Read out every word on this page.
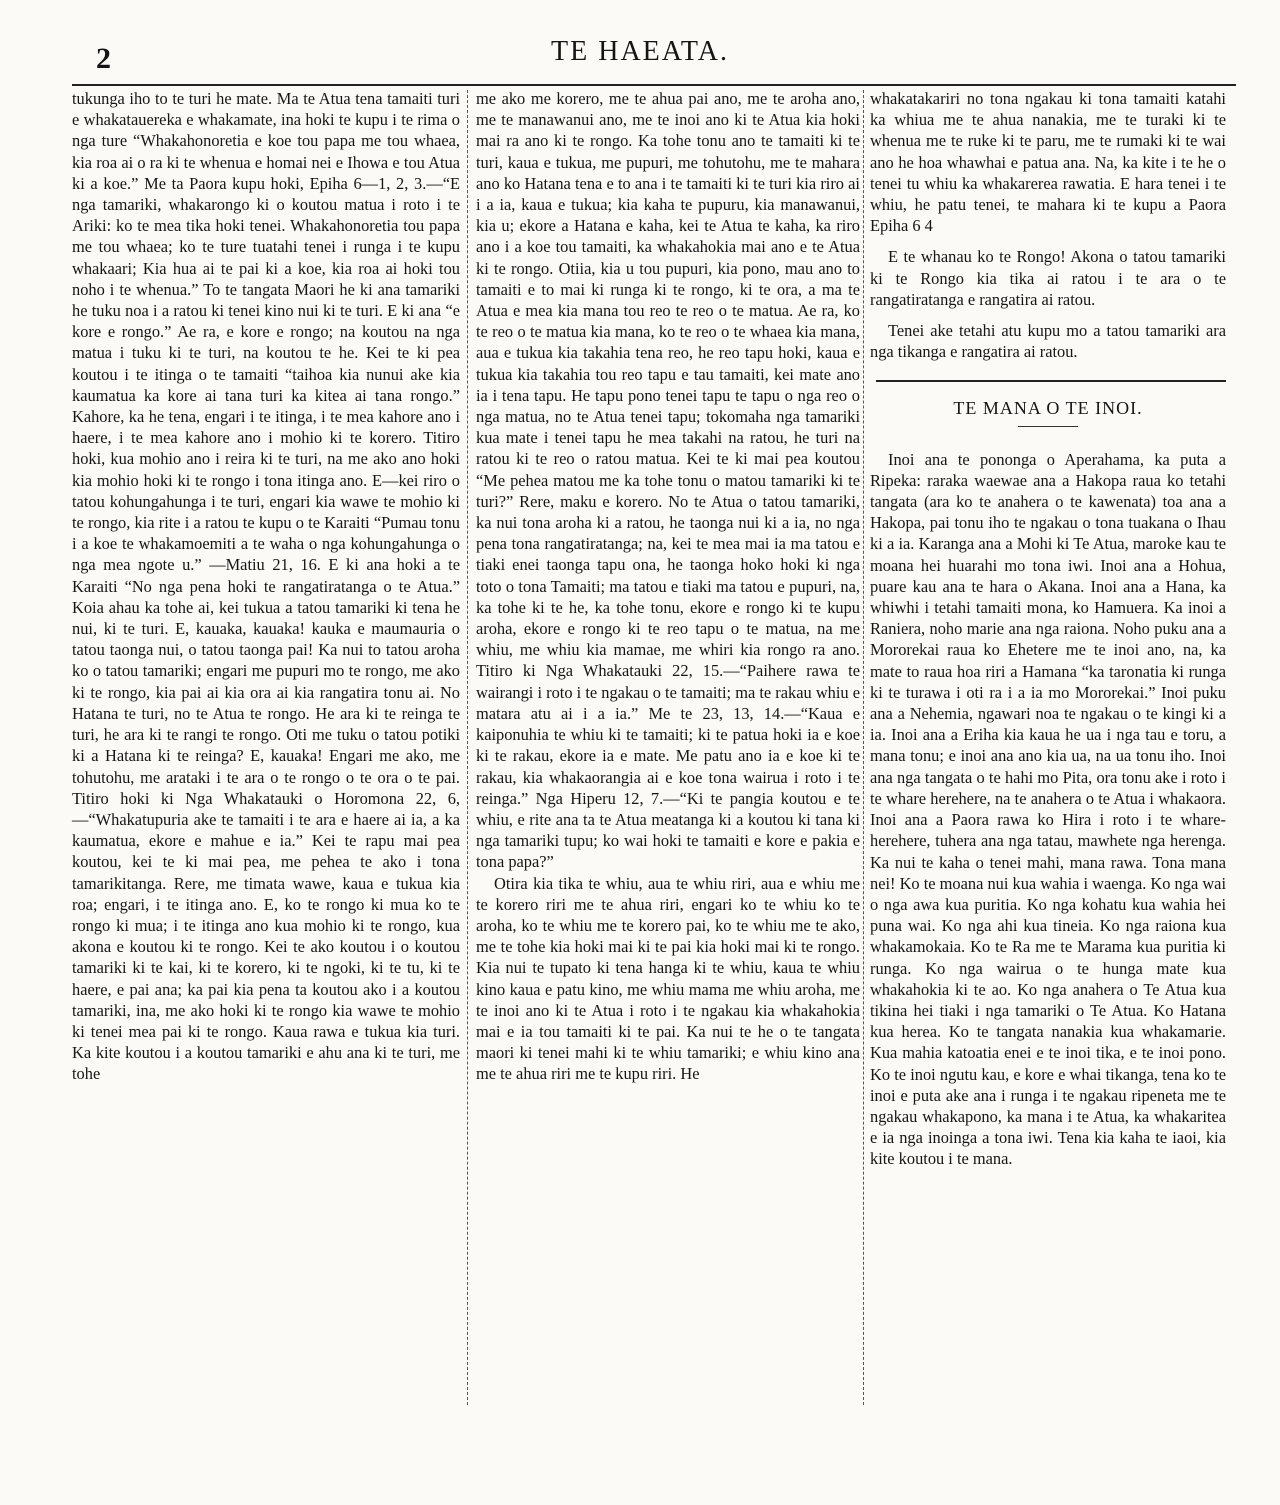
2	TE HAEATA.

tukunga iho to te turi he mate. Ma te Atua tena tamaiti turi e whakatauereka e whakamate, ina hoki te kupu i te rima o nga ture “Whakahonoretia e koe tou papa me tou whaea, kia roa ai o ra ki te whenua e homai nei e Ihowa e tou Atua ki a koe.” Me ta Paora kupu hoki, Epiha 6—1, 2, 3.—“E nga tamariki, whakarongo ki o koutou matua i roto i te Ariki: ko te mea tika hoki tenei. Whakahonoretia tou papa me tou whaea; ko te ture tuatahi tenei i runga i te kupu whakaari; Kia hua ai te pai ki a koe, kia roa ai hoki tou noho i te whenua.” To te tangata Maori he ki ana tamariki he tuku noa i a ratou ki tenei kino nui ki te turi. E ki ana “e kore e rongo.” Ae ra, e kore e rongo; na koutou na nga matua i tuku ki te turi, na koutou te he. Kei te ki pea koutou i te itinga o te tamaiti “taihoa kia nunui ake kia kaumatua ka kore ai tana turi ka kitea ai tana rongo.” Kahore, ka he tena, engari i te itinga, i te mea kahore ano i haere, i te mea kahore ano i mohio ki te korero. Titiro hoki, kua mohio ano i reira ki te turi, na me ako ano hoki kia mohio hoki ki te rongo i tona itinga ano. E—kei riro o tatou kohungahunga i te turi, engari kia wawe te mohio ki te rongo, kia rite i a ratou te kupu o te Karaiti “Pumau tonu i a koe te whakamoemiti a te waha o nga kohungahunga o nga mea ngote u.” —Matiu 21, 16. E ki ana hoki a te Karaiti “No nga pena hoki te rangatiratanga o te Atua.” Koia ahau ka tohe ai, kei tukua a tatou tamariki ki tena he nui, ki te turi. E, kauaka, kauaka! kauka e maumauria o tatou taonga nui, o tatou taonga pai! Ka nui to tatou aroha ko o tatou tamariki; engari me pupuri mo te rongo, me ako ki te rongo, kia pai ai kia ora ai kia rangatira tonu ai. No Hatana te turi, no te Atua te rongo. He ara ki te reinga te turi, he ara ki te rangi te rongo. Oti me tuku o tatou potiki ki a Hatana ki te reinga? E, kauaka! Engari me ako, me tohutohu, me arataki i te ara o te rongo o te ora o te pai. Titiro hoki ki Nga Whakatauki o Horomona 22, 6,—“Whakatupuria ake te tamaiti i te ara e haere ai ia, a ka kaumatua, ekore e mahue e ia.” Kei te rapu mai pea koutou, kei te ki mai pea, me pehea te ako i tona tamarikitanga. Rere, me timata wawe, kaua e tukua kia roa; engari, i te itinga ano. E, ko te rongo ki mua ko te rongo ki mua; i te itinga ano kua mohio ki te rongo, kua akona e koutou ki te rongo. Kei te ako koutou i o koutou tamariki ki te kai, ki te korero, ki te ngoki, ki te tu, ki te haere, e pai ana; ka pai kia pena ta koutou ako i a koutou tamariki, ina, me ako hoki ki te rongo kia wawe te mohio ki tenei mea pai ki te rongo. Kaua rawa e tukua kia turi. Ka kite koutou i a koutou tamariki e ahu ana ki te turi, me tohe

me ako me korero, me te ahua pai ano, me te aroha ano, me te manawanui ano, me te inoi ano ki te Atua kia hoki mai ra ano ki te rongo. Ka tohe tonu ano te tamaiti ki te turi, kaua e tukua, me pupuri, me tohutohu, me te mahara ano ko Hatana tena e to ana i te tamaiti ki te turi kia riro ai i a ia, kaua e tukua; kia kaha te pupuru, kia manawanui, kia u; ekore a Hatana e kaha, kei te Atua te kaha, ka riro ano i a koe tou tamaiti, ka whakahokia mai ano e te Atua ki te rongo. Otiia, kia u tou pupuri, kia pono, mau ano to tamaiti e to mai ki runga ki te rongo, ki te ora, a ma te Atua e mea kia mana tou reo te reo o te matua. Ae ra, ko te reo o te matua kia mana, ko te reo o te whaea kia mana, aua e tukua kia takahia tena reo, he reo tapu hoki, kaua e tukua kia takahia tou reo tapu e tau tamaiti, kei mate ano ia i tena tapu. He tapu pono tenei tapu te tapu o nga reo o nga matua, no te Atua tenei tapu; tokomaha nga tamariki kua mate i tenei tapu he mea takahi na ratou, he turi na ratou ki te reo o ratou matua. Kei te ki mai pea koutou “Me pehea matou me ka tohe tonu o matou tamariki ki te turi?” Rere, maku e korero. No te Atua o tatou tamariki, ka nui tona aroha ki a ratou, he taonga nui ki a ia, no nga pena tona rangatiratanga; na, kei te mea mai ia ma tatou e tiaki enei taonga tapu ona, he taonga hoko hoki ki nga toto o tona Tamaiti; ma tatou e tiaki ma tatou e pupuri, na, ka tohe ki te he, ka tohe tonu, ekore e rongo ki te kupu aroha, ekore e rongo ki te reo tapu o te matua, na me whiu, me whiu kia mamae, me whiri kia rongo ra ano. Titiro ki Nga Whakatauki 22, 15.—“Paihere rawa te wairangi i roto i te ngakau o te tamaiti; ma te rakau whiu e matara atu ai i a ia.” Me te 23, 13, 14.—“Kaua e kaiponuhia te whiu ki te tamaiti; ki te patua hoki ia e koe ki te rakau, ekore ia e mate. Me patu ano ia e koe ki te rakau, kia whakaorangia ai e koe tona wairua i roto i te reinga.” Nga Hiperu 12, 7.—“Ki te pangia koutou e te whiu, e rite ana ta te Atua meatanga ki a koutou ki tana ki nga tamariki tupu; ko wai hoki te tamaiti e kore e pakia e tona papa?”

Otira kia tika te whiu, aua te whiu riri, aua e whiu me te korero riri me te ahua riri, engari ko te whiu ko te aroha, ko te whiu me te korero pai, ko te whiu me te ako, me te tohe kia hoki mai ki te pai kia hoki mai ki te rongo. Kia nui te tupato ki tena hanga ki te whiu, kaua te whiu kino kaua e patu kino, me whiu mama me whiu aroha, me te inoi ano ki te Atua i roto i te ngakau kia whakahokia mai e ia tou tamaiti ki te pai. Ka nui te he o te tangata maori ki tenei mahi ki te whiu tamariki; e whiu kino ana me te ahua riri me te kupu riri. He

whakatakariri no tona ngakau ki tona tamaiti katahi ka whiua me te ahua nanakia, me te turaki ki te whenua me te ruke ki te paru, me te rumaki ki te wai ano he hoa whawhai e patua ana. Na, ka kite i te he o tenei tu whiu ka whakarerea rawatia. E hara tenei i te whiu, he patu tenei, te mahara ki te kupu a Paora Epiha 6 4

E te whanau ko te Rongo! Akona o tatou tamariki ki te Rongo kia tika ai ratou i te ara o te rangatiratanga e rangatira ai ratou.

Tenei ake tetahi atu kupu mo a tatou tamariki ara nga tikanga e rangatira ai ratou.

TE MANA O TE INOI.

Inoi ana te pononga o Aperahama, ka puta a Ripeka: raraka waewae ana a Hakopa raua ko tetahi tangata (ara ko te anahera o te kawenata) toa ana a Hakopa, pai tonu iho te ngakau o tona tuakana o Ihau ki a ia. Karanga ana a Mohi ki Te Atua, maroke kau te moana hei huarahi mo tona iwi. Inoi ana a Hohua, puare kau ana te hara o Akana. Inoi ana a Hana, ka whiwhi i tetahi tamaiti mona, ko Hamuera. Ka inoi a Raniera, noho marie ana nga raiona. Noho puku ana a Mororekai raua ko Ehetere me te inoi ano, na, ka mate to raua hoa riri a Hamana “ka taronatia ki runga ki te turawa i oti ra i a ia mo Mororekai.” Inoi puku ana a Nehemia, ngawari noa te ngakau o te kingi ki a ia. Inoi ana a Eriha kia kaua he ua i nga tau e toru, a mana tonu; e inoi ana ano kia ua, na ua tonu iho. Inoi ana nga tangata o te hahi mo Pita, ora tonu ake i roto i te whare herehere, na te anahera o te Atua i whakaora. Inoi ana a Paora rawa ko Hira i roto i te whare-herehere, tuhera ana nga tatau, mawhete nga herenga. Ka nui te kaha o tenei mahi, mana rawa. Tona mana nei! Ko te moana nui kua wahia i waenga. Ko nga wai o nga awa kua puritia. Ko nga kohatu kua wahia hei puna wai. Ko nga ahi kua tineia. Ko nga raiona kua whakamokaia. Ko te Ra me te Marama kua puritia ki runga. Ko nga wairua o te hunga mate kua whakahokia ki te ao. Ko nga anahera o Te Atua kua tikina hei tiaki i nga tamariki o Te Atua. Ko Hatana kua herea. Ko te tangata nanakia kua whakamarie. Kua mahia katoatia enei e te inoi tika, e te inoi pono. Ko te inoi ngutu kau, e kore e whai tikanga, tena ko te inoi e puta ake ana i runga i te ngakau ripeneta me te ngakau whakapono, ka mana i te Atua, ka whakaritea e ia nga inoinga a tona iwi. Tena kia kaha te iaoi, kia kite koutou i te mana.
